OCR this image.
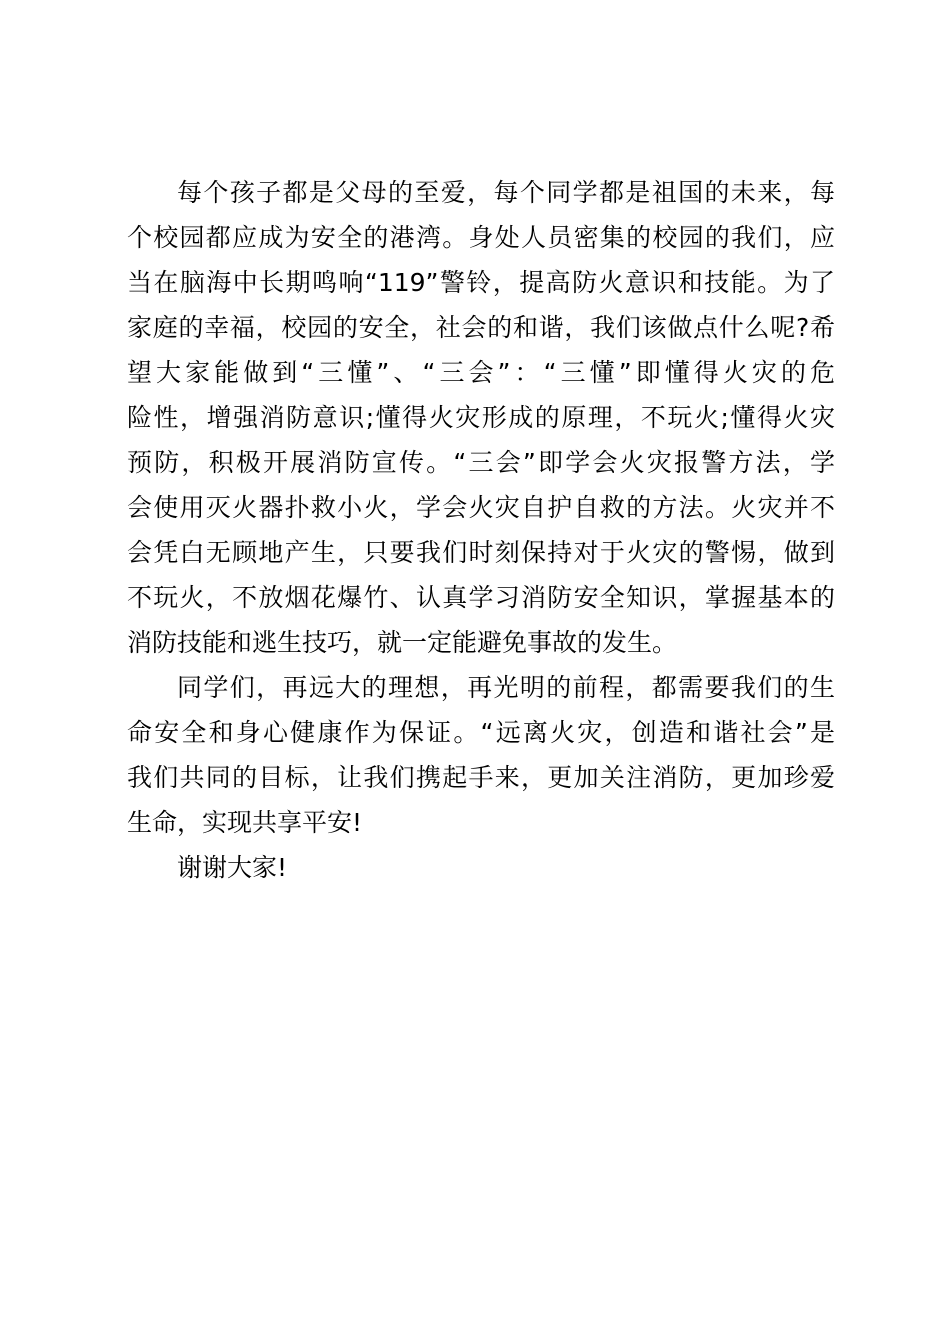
每个孩子都是父母的至爱，每个同学都是祖国的未来，每
个校园都应成为安全的港湾。身处人员密集的校园的我们，应
当在脑海中长期鸣响“119”警铃，提高防火意识和技能。为了
家庭的幸福，校园的安全，社会的和谐，我们该做点什么呢?希
望大家能做到“三懂”、“三会”：“三懂”即懂得火灾的危
险性，增强消防意识;懂得火灾形成的原理，不玩火;懂得火灾
预防，积极开展消防宣传。“三会”即学会火灾报警方法，学
会使用灭火器扑救小火，学会火灾自护自救的方法。火灾并不
会凭白无顾地产生，只要我们时刻保持对于火灾的警惕，做到
不玩火，不放烟花爆竹、认真学习消防安全知识，掌握基本的
消防技能和逃生技巧，就一定能避免事故的发生。
同学们，再远大的理想，再光明的前程，都需要我们的生
命安全和身心健康作为保证。“远离火灾，创造和谐社会”是
我们共同的目标，让我们携起手来，更加关注消防，更加珍爱
生命，实现共享平安!
谢谢大家!
